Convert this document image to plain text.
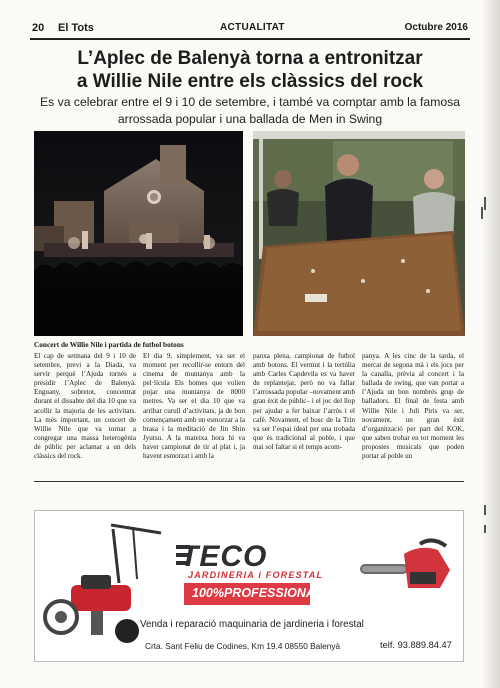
20 El Tots	ACTUALITAT	Octubre 2016
L’Aplec de Balenyà torna a entronitzar
a Willie Nile entre els clàssics del rock
Es va celebrar entre el 9 i 10 de setembre, i també va comptar amb la famosa
arrossada popular i una ballada de Men in Swing
Concert de Willie Nile i partida de futbol botons

El cap de setmana del 9 i 10 de setembre, previ a la Diada, va servir perquè l’Ajuda tornés a presidir l’Aplec de Balenyà. Enguany, sobretot, concentrat durant el dissabte del dia 10 que va acollir la majoria de les activitats. La més important, un concert de Willie Nile que va tornar a congregar una massa heterogènia de públic per aclamar a un dels clàssics del rock.

El dia 9, simplement, va ser el moment per recollir-se entorn del cinema de muntanya amb la pel·lícula Els homes que volien pujar una muntanya de 8000 metres. Va ser el dia 10 que va arribar curull d’activitats, ja de bon començament amb un esmorzar a la brasa i la meditació de Jin Shin Jyutsu. A la mateixa hora hi va haver campionat de tir al plat i, ja havent esmorzat i amb la

panxa plena, campionat de futbol amb botons. El vermut i la tertúlia amb Carles Capdevila es va haver de replantejar, però no va fallar l’arrossada popular –novament amb gran èxit de públic– i el joc del llop per ajudar a fer baixar l’arròs i el cafè. Novament, el bosc de la Trin va ser l’espai ideal per una trobada que és tradicional al poble, i que mai sol faltar si el temps acom-

panya. A les cinc de la tarda, el mercat de segona mà i els jocs per la canalla, prèvia al concert i la ballada de swing, que van portar a l’Ajuda un bon nombrés grup de balladors. El final de festa amb Willie Nile i Juli Piris va ser, novament, un gran èxit d’organització per part del KOK, que saben trobar en tot moment les propostes musicals que poden portar al poble un

TECO
JARDINERIA i FORESTAL
100%PROFESSIONAL
Venda i reparació maquinaria de jardineria i forestal
Crta. Sant Feliu de Codines, Km 19.4 08550 Balenyà	telf. 93.889.84.47
